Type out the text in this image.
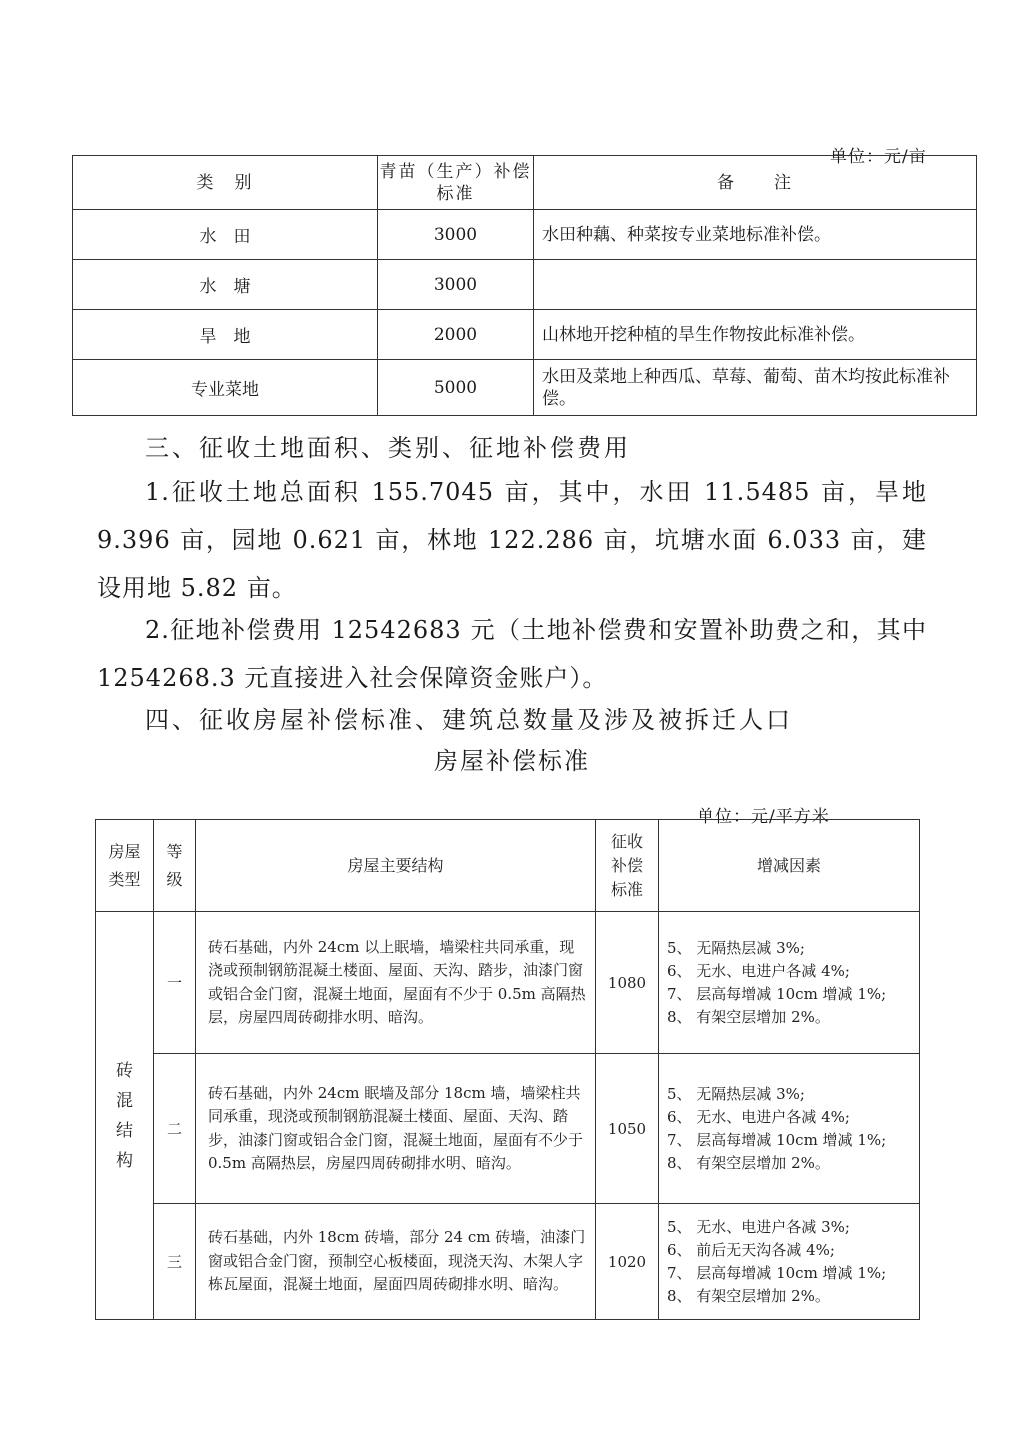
单位：元/亩
类　别	青苗（生产）补偿标准	备　　注
水　田	3000	水田种藕、种菜按专业菜地标准补偿。
水　塘	3000	
旱　地	2000	山林地开挖种植的旱生作物按此标准补偿。
专业菜地	5000	水田及菜地上种西瓜、草莓、葡萄、苗木均按此标准补偿。
三、征收土地面积、类别、征地补偿费用

1.征收土地总面积 155.7045 亩，其中，水田 11.5485 亩，旱地 9.396 亩，园地 0.621 亩，林地 122.286 亩，坑塘水面 6.033 亩，建设用地 5.82 亩。

2.征地补偿费用 12542683 元（土地补偿费和安置补助费之和，其中 1254268.3 元直接进入社会保障资金账户）。

四、征收房屋补偿标准、建筑总数量及涉及被拆迁人口
房屋补偿标准
单位：元/平方米
房屋类型	等级	房屋主要结构	征收补偿标准	增减因素
砖混结构	一	砖石基础，内外 24cm 以上眠墙，墙梁柱共同承重，现浇或预制钢筋混凝土楼面、屋面、天沟、踏步，油漆门窗或铝合金门窗，混凝土地面，屋面有不少于 0.5m 高隔热层，房屋四周砖砌排水明、暗沟。	1080	5、 无隔热层减 3%;
6、 无水、电进户各减 4%;
7、 层高每增减 10cm 增减 1%;
8、 有架空层增加 2%。

	二	砖石基础，内外 24cm 眠墙及部分 18cm 墙，墙梁柱共同承重，现浇或预制钢筋混凝土楼面、屋面、天沟、踏步，油漆门窗或铝合金门窗，混凝土地面，屋面有不少于 0.5m 高隔热层，房屋四周砖砌排水明、暗沟。	1050	5、 无隔热层减 3%;
6、 无水、电进户各减 4%;
7、 层高每增减 10cm 增减 1%;
8、 有架空层增加 2%。

	三	砖石基础，内外 18cm 砖墙，部分 24 cm 砖墙，油漆门窗或铝合金门窗，预制空心板楼面，现浇天沟、木架人字栋瓦屋面，混凝土地面，屋面四周砖砌排水明、暗沟。	1020	5、 无水、电进户各减 3%;
6、 前后无天沟各减 4%;
7、 层高每增减 10cm 增减 1%;
8、 有架空层增加 2%。
